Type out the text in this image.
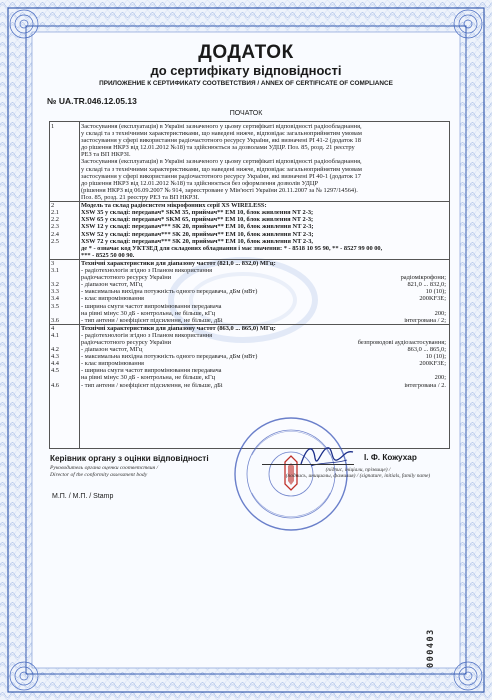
ДОДАТОК
до сертифікату відповідності
ПРИЛОЖЕНИЕ К СЕРТИФИКАТУ СООТВЕТСТВИЯ / ANNEX OF CERTIFICATE OF COMPLIANCE
№ UA.TR.046.12.05.13
ПОЧАТОК
1	Застосування (експлуатація) в Україні зазначеного у цьому сертифікаті відповідності радіообладнання,
у складі та з технічними характеристиками, що наведені нижче, відповідає загальноприйнятим умовам
застосування у сфері використання радіочастотного ресурсу України, які визначені РІ 41-2 (додаток 18
до рішення НКРЗ від 12.01.2012 №18) та здійснюється за дозволами УДЦР. Поз. 85, розд. 21 реєстру
РЕЗ та ВП НКРЗІ.
Застосування (експлуатація) в Україні зазначеного у цьому сертифікаті відповідності радіообладнання,
у складі та з технічними характеристиками, що наведені нижче, відповідає загальноприйнятим умовам
застосування у сфері використання радіочастотного ресурсу України, які визначені РІ 40-1 (додаток 17
до рішення НКРЗ від 12.01.2012 №18) та здійснюється без оформлення дозволів УДЦР
(рішення НКРЗ від 06.09.2007 № 914, зареєстроване у Мін'юсті України 20.11.2007 за № 1297/14564).
Поз. 85, розд. 21 реєстру РЕЗ та ВП НКРЗІ.
2	Модель та склад радіосистем мікрофонних серії XS WIRELESS:
2.1	XSW 35 у складі: передавач* SKM 35, приймач** EM 10, блок живлення NT 2-3;
2.2	XSW 65 у складі: передавач* SKM 65, приймач** EM 10, блок живлення NT 2-3;
2.3	XSW 12 у складі: передавач*** SK 20, приймач** EM 10, блок живлення NT 2-3;
2.4	XSW 52 у складі: передавач*** SK 20, приймач** EM 10, блок живлення NT 2-3;
2.5	XSW 72 у складі: передавач*** SK 20, приймач** EM 10, блок живлення NT 2-3,
де * - означає код УКТЗЕД для складових обладнання і має значення: * - 8518 10 95 90, ** - 8527 99 00 00,
*** - 8525 50 00 90.
3	Технічні характеристики для діапазону частот (821,0 ... 832,0) МГц:
3.1	- радіотехнологія згідно з Планом використання
радіочастотного ресурсу України	радіомікрофони;
3.2	- діапазон частот, МГц	821,0 ... 832,0;
3.3	- максимальна вихідна потужність одного передавача, дБм (мВт)	10 (10);
3.4	- клас випромінювання	200KF3E;
3.5	- ширина смуги частот випромінювання передавача
на рівні мінус 30 дБ - контрольна, не більше, кГц	200;
3.6	- тип антени / коефіцієнт підсилення, не більше, дБі	інтегрована / 2;
4	Технічні характеристики для діапазону частот (863,0 ... 865,0) МГц:
4.1	- радіотехнологія згідно з Планом використання
радіочастотного ресурсу України	безпроводові аудіозастосування;
4.2	- діапазон частот, МГц	863,0 ... 865,0;
4.3	- максимальна вихідна потужність одного передавача, дБм (мВт)	10 (10);
4.4	- клас випромінювання	200KF3E;
4.5	- ширина смуги частот випромінювання передавача
на рівні мінус 30 дБ - контрольна, не більше, кГц	200;
4.6	- тип антени / коефіцієнт підсилення, не більше, дБі	інтегрована / 2.
Керівник органу з оцінки відповідності
Руководитель органа оценки соответствия /
Director of the conformity assessment body
І. Ф. Кожухар
(підпис, ініціали, прізвище) /
(подпись, инициалы, фамилия) / (signature, initials, family name)
М.П. / М.П. / Stamp
000403
